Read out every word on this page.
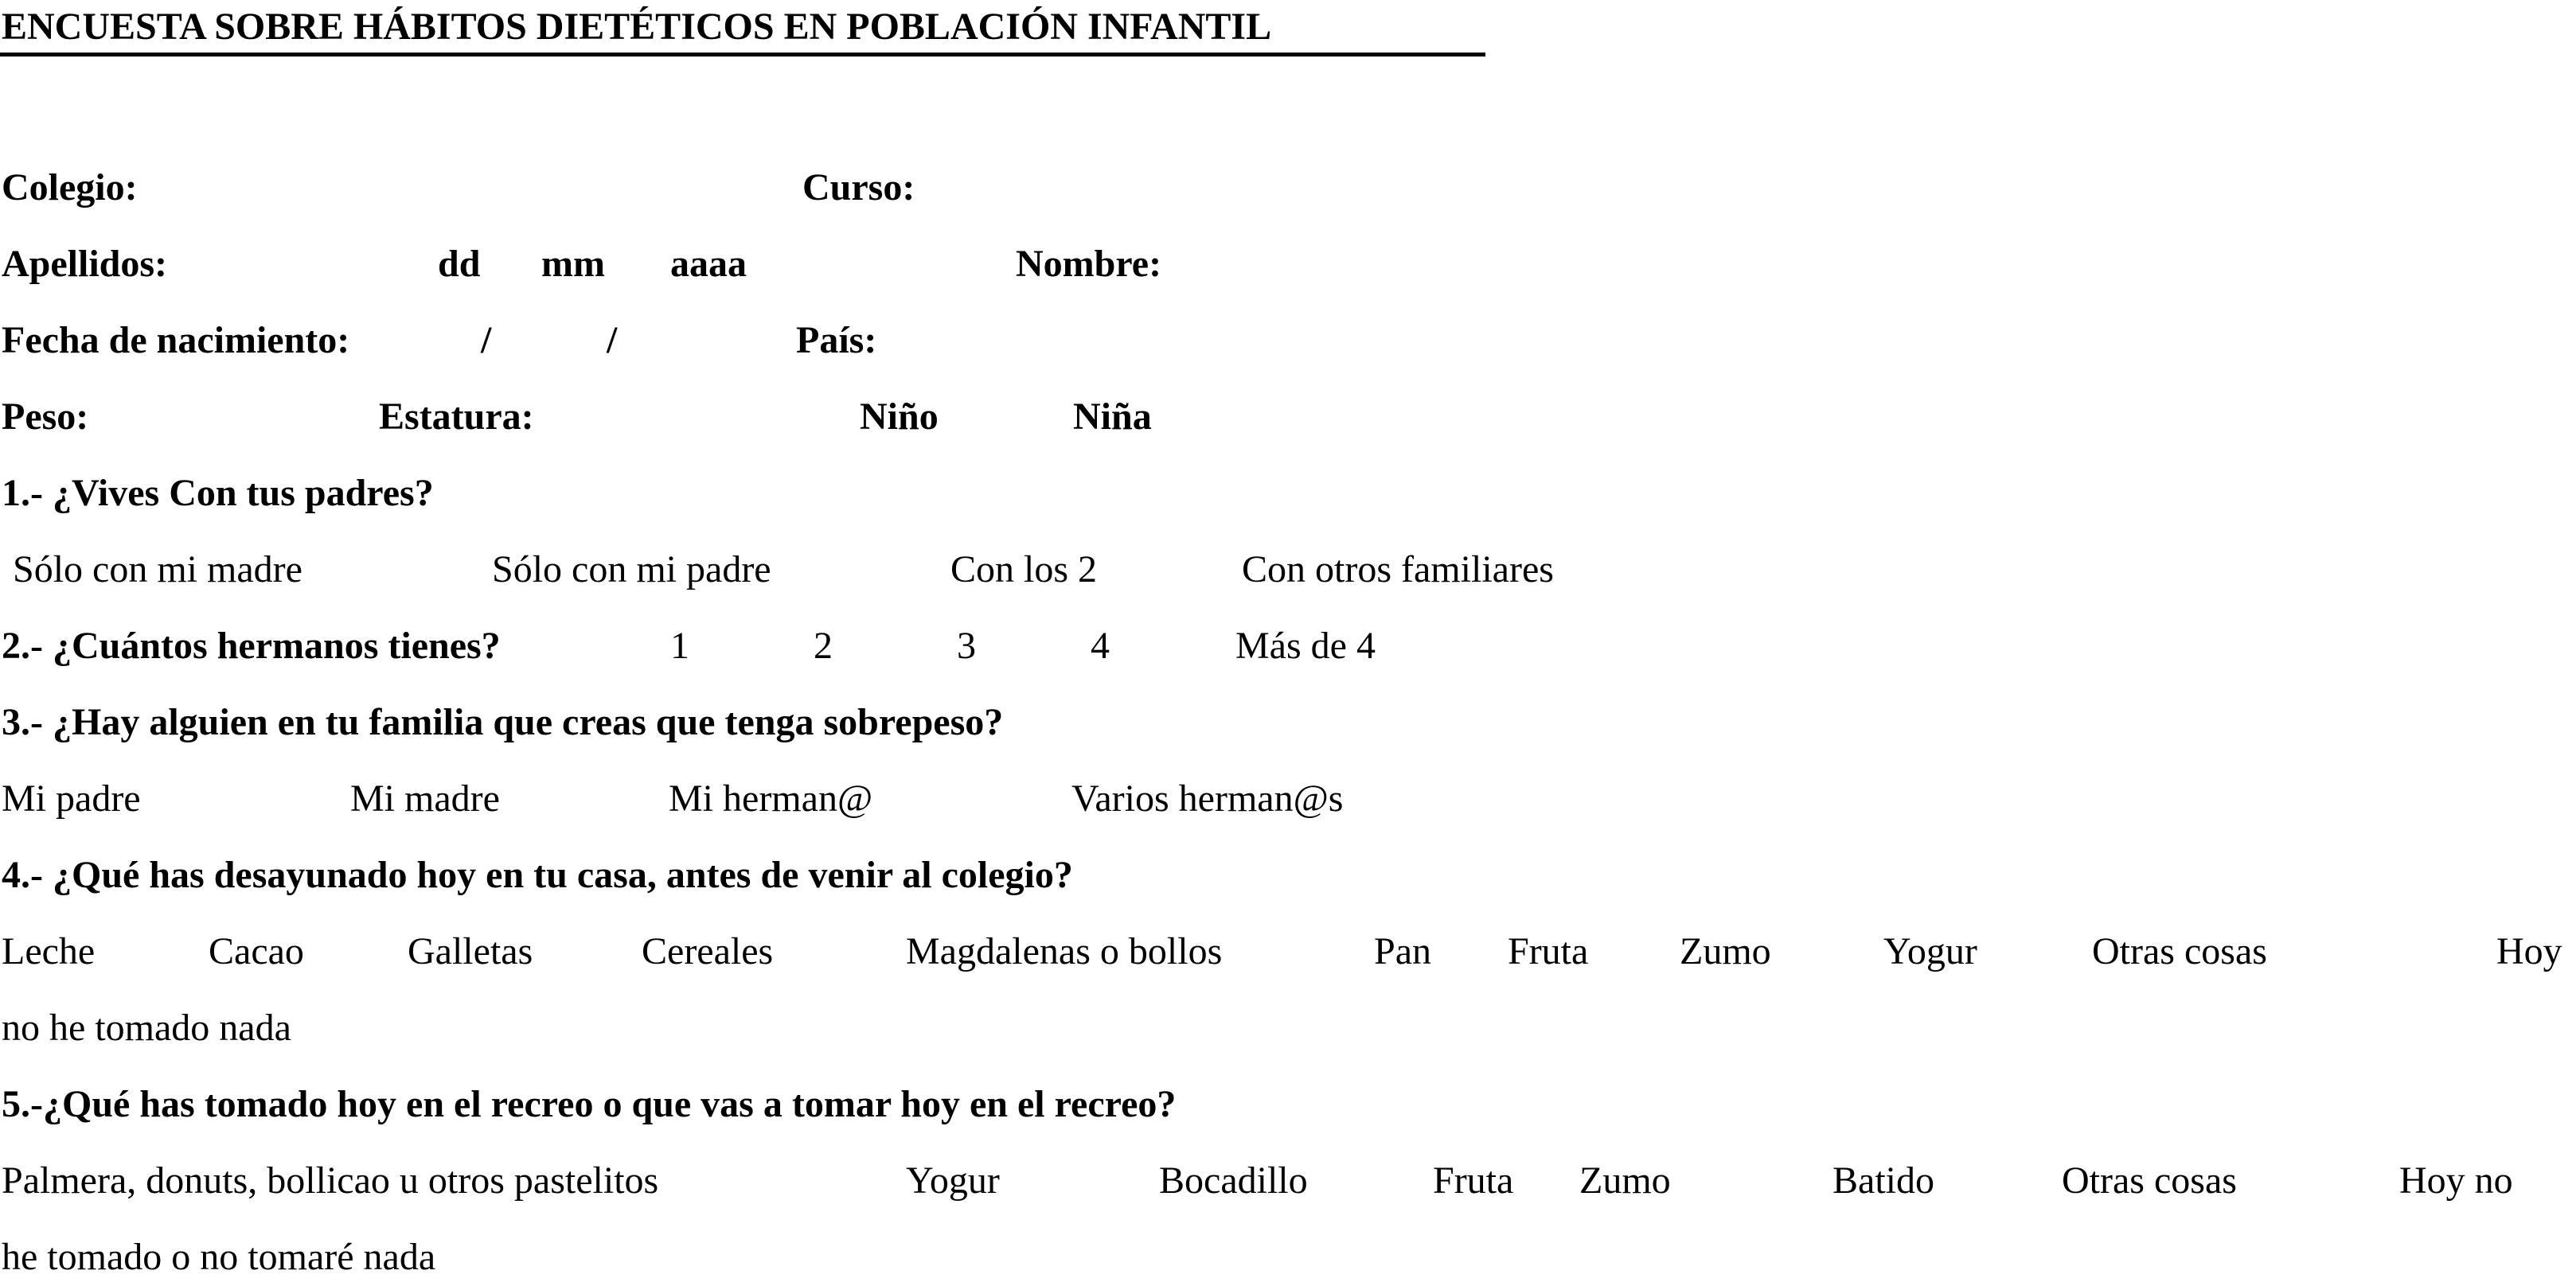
ENCUESTA SOBRE HÁBITOS DIETÉTICOS EN POBLACIÓN INFANTIL
Colegio:	Curso:
Apellidos:	dd mm aaaa	Nombre:
Fecha de nacimiento:	/	/	País:
Peso:	Estatura:	Niño	Niña
1.- ¿Vives Con tus padres?
Sólo con mi madre	Sólo con mi padre	Con los 2	Con otros familiares
2.- ¿Cuántos hermanos tienes?	1	2	3	4	Más de 4
3.- ¿Hay alguien en tu familia que creas que tenga sobrepeso?
Mi padre	Mi madre	Mi herman@	Varios herman@s
4.- ¿Qué has desayunado hoy en tu casa, antes de venir al colegio?
Leche	Cacao	Galletas	Cereales	Magdalenas o bollos	Pan Fruta Zumo	Yogur	Otras cosas	Hoy
no he tomado nada
5.-¿Qué has tomado hoy en el recreo o que vas a tomar hoy en el recreo?
Palmera, donuts, bollicao u otros pastelitos	Yogur	Bocadillo	Fruta Zumo	Batido	Otras cosas	Hoy no
he tomado o no tomaré nada
